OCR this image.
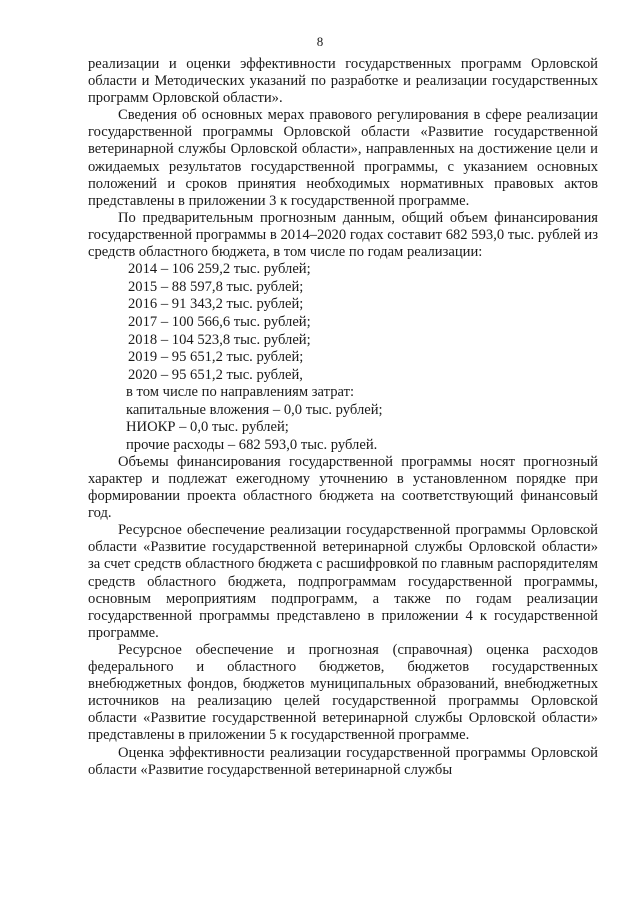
8

реализации и оценки эффективности государственных программ Орловской области и Методических указаний по разработке и реализации государственных программ Орловской области».

Сведения об основных мерах правового регулирования в сфере реализации государственной программы Орловской области «Развитие государственной ветеринарной службы Орловской области», направленных на достижение цели и ожидаемых результатов государственной программы, с указанием основных положений и сроков принятия необходимых нормативных правовых актов представлены в приложении 3 к государственной программе.

По предварительным прогнозным данным, общий объем финансирования государственной программы в 2014–2020 годах составит 682 593,0 тыс. рублей из средств областного бюджета, в том числе по годам реализации:

2014 – 106 259,2 тыс. рублей;

2015 – 88 597,8 тыс. рублей;

2016 – 91 343,2 тыс. рублей;

2017 – 100 566,6 тыс. рублей;

2018 – 104 523,8 тыс. рублей;

2019 – 95 651,2 тыс. рублей;

2020 – 95 651,2 тыс. рублей,

в том числе по направлениям затрат:

капитальные вложения – 0,0 тыс. рублей;

НИОКР – 0,0 тыс. рублей;

прочие расходы – 682 593,0 тыс. рублей.

Объемы финансирования государственной программы носят прогнозный характер и подлежат ежегодному уточнению в установленном порядке при формировании проекта областного бюджета на соответствующий финансовый год.

Ресурсное обеспечение реализации государственной программы Орловской области «Развитие государственной ветеринарной службы Орловской области» за счет средств областного бюджета с расшифровкой по главным распорядителям средств областного бюджета, подпрограммам государственной программы, основным мероприятиям подпрограмм, а также по годам реализации государственной программы представлено в приложении 4 к государственной программе.

Ресурсное обеспечение и прогнозная (справочная) оценка расходов федерального и областного бюджетов, бюджетов государственных внебюджетных фондов, бюджетов муниципальных образований, внебюджетных источников на реализацию целей государственной программы Орловской области «Развитие государственной ветеринарной службы Орловской области» представлены в приложении 5 к государственной программе.

Оценка эффективности реализации государственной программы Орловской области «Развитие государственной ветеринарной службы
